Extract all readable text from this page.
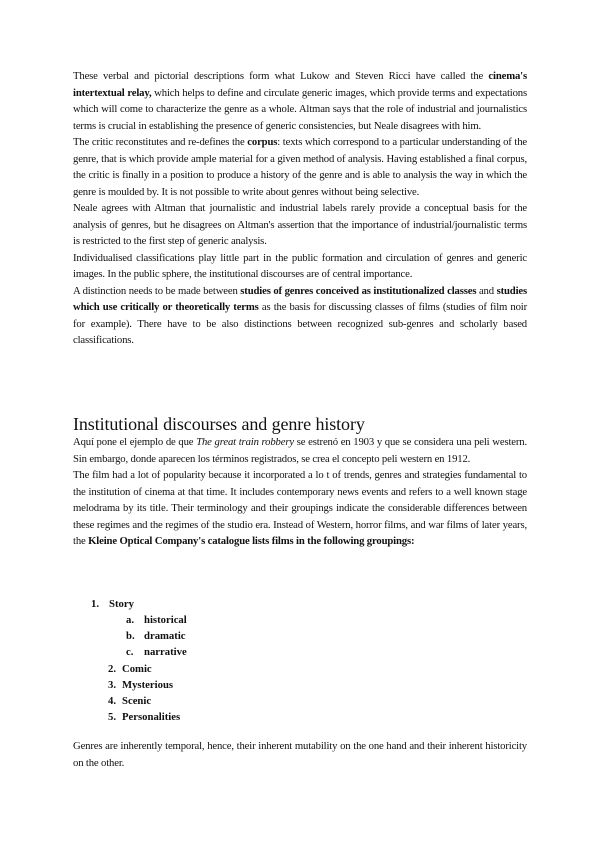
These verbal and pictorial descriptions form what Lukow and Steven Ricci have called the cinema's intertextual relay, which helps to define and circulate generic images, which provide terms and expectations which will come to characterize the genre as a whole. Altman says that the role of industrial and journalistics terms is crucial in establishing the presence of generic consistencies, but Neale disagrees with him.

The critic reconstitutes and re-defines the corpus: texts which correspond to a particular understanding of the genre, that is which provide ample material for a given method of analysis. Having established a final corpus, the critic is finally in a position to produce a history of the genre and is able to analysis the way in which the genre is moulded by. It is not possible to write about genres without being selective.

Neale agrees with Altman that journalistic and industrial labels rarely provide a conceptual basis for the analysis of genres, but he disagrees on Altman's assertion that the importance of industrial/journalistic terms is restricted to the first step of generic analysis.

Individualised classifications play little part in the public formation and circulation of genres and generic images. In the public sphere, the institutional discourses are of central importance.

A distinction needs to be made between studies of genres conceived as institutionalized classes and studies which use critically or theoretically terms as the basis for discussing classes of films (studies of film noir for example). There have to be also distinctions between recognized sub-genres and scholarly based classifications.

Institutional discourses and genre history

Aquí pone el ejemplo de que The great train robbery se estrenó en 1903 y que se considera una peli western. Sin embargo, donde aparecen los términos registrados, se crea el concepto peli western en 1912.

The film had a lot of popularity because it incorporated a lo t of trends, genres and strategies fundamental to the institution of cinema at that time. It includes contemporary news events and refers to a well known stage melodrama by its title. Their terminology and their groupings indicate the considerable differences between these regimes and the regimes of the studio era. Instead of Western, horror films, and war films of later years, the Kleine Optical Company's catalogue lists films in the following groupings:

1. Story
a. historical
b. dramatic
c. narrative
2. Comic
3. Mysterious
4. Scenic
5. Personalities

Genres are inherently temporal, hence, their inherent mutability on the one hand and their inherent historicity on the other.
